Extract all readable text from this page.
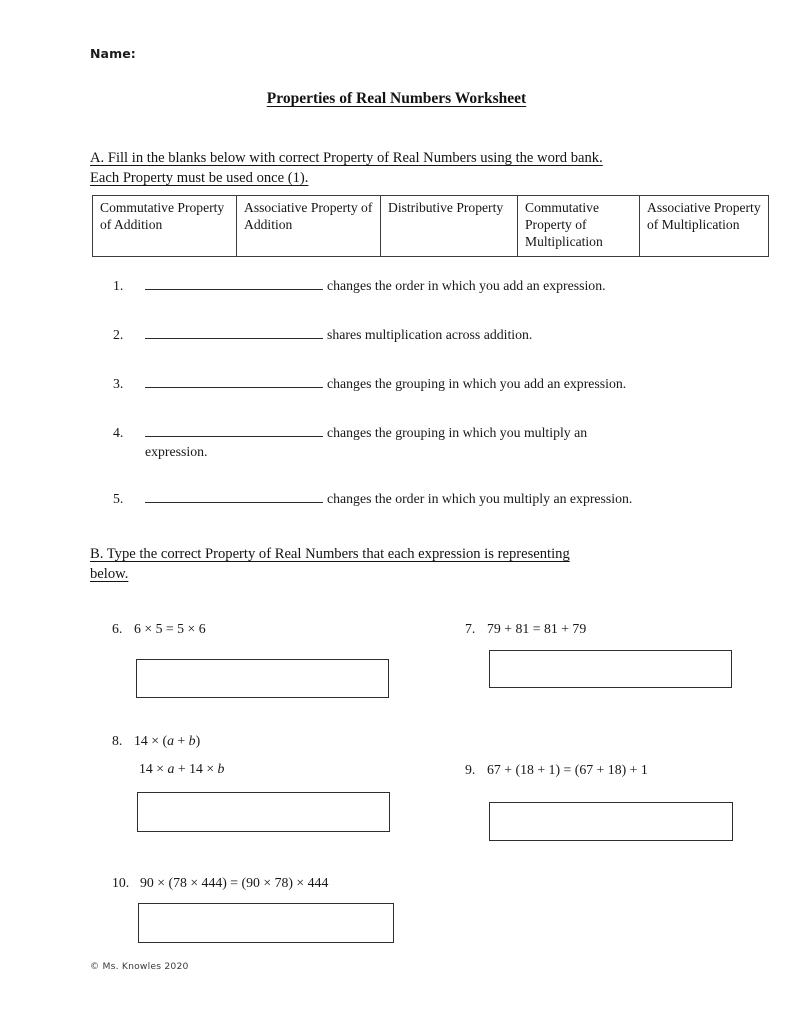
Name:
Properties of Real Numbers Worksheet
A. Fill in the blanks below with correct Property of Real Numbers using the word bank.
Each Property must be used once (1).
Commutative Property of Addition	Associative Property of Addition	Distributive Property	Commutative Property of Multiplication	Associative Property of Multiplication
1.	changes the order in which you add an expression.
2.	shares multiplication across addition.
3.	changes the grouping in which you add an expression.
4.	changes the grouping in which you multiply an
expression.
5.	changes the order in which you multiply an expression.
B. Type the correct Property of Real Numbers that each expression is representing
below.
6. 6 × 5 = 5 × 6	7. 79 + 81 = 81 + 79
8. 14 × (a + b)
14 × a + 14 × b	9. 67 + (18 + 1) = (67 + 18) + 1
10. 90 × (78 × 444) = (90 × 78) × 444
© Ms. Knowles 2020
